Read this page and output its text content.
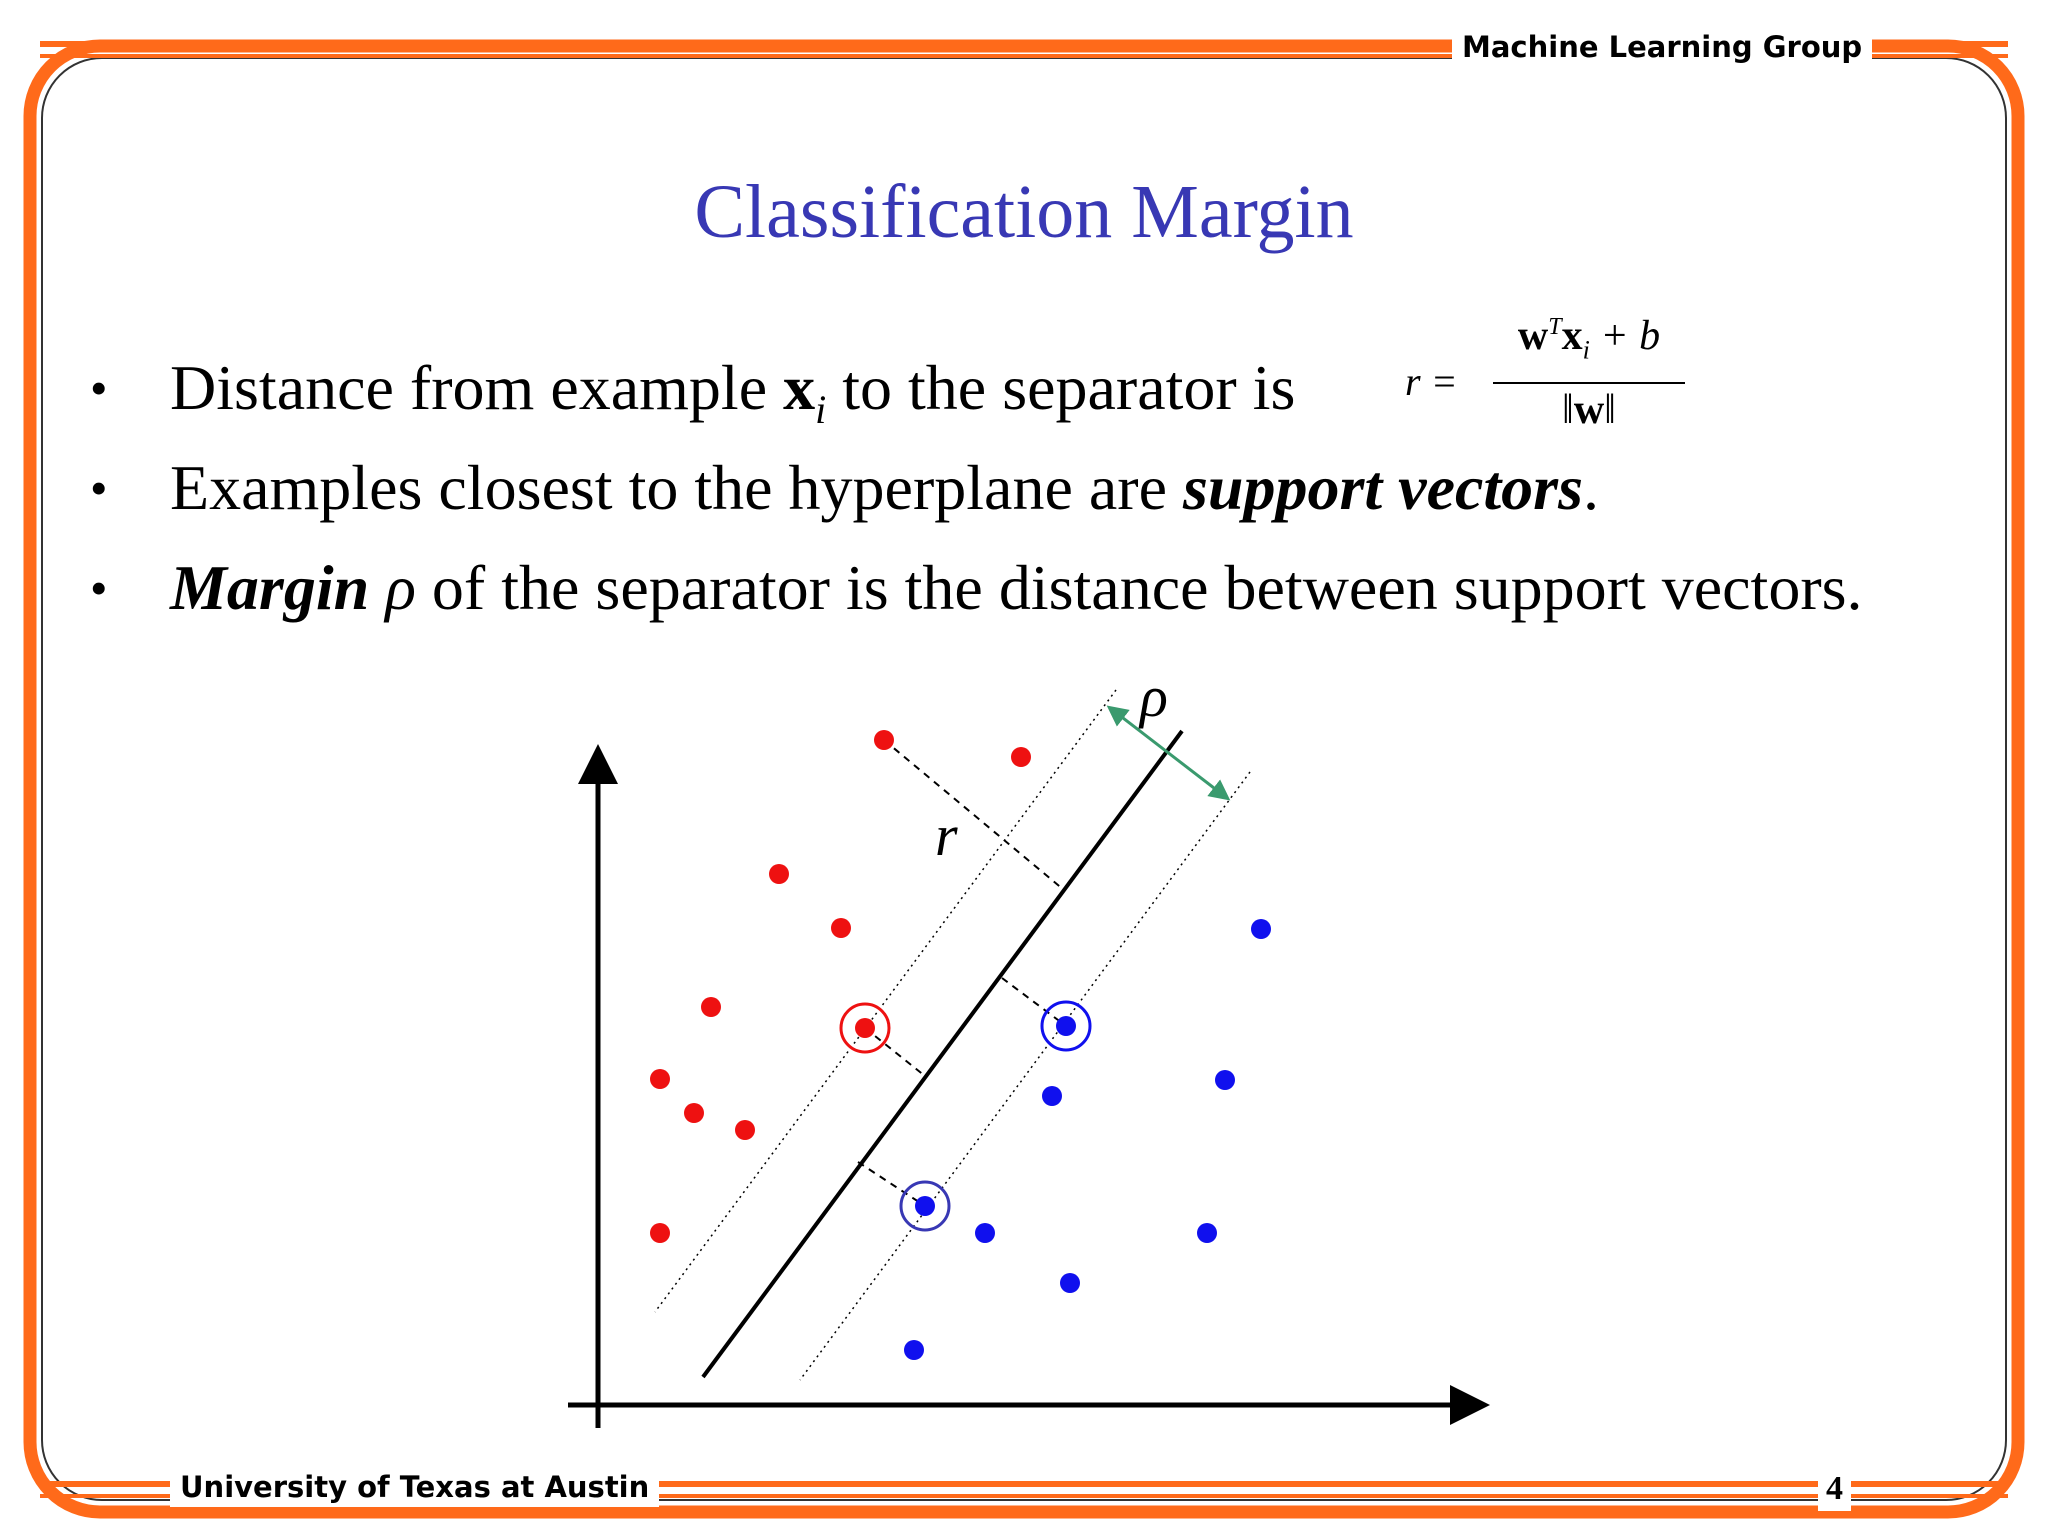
Machine Learning Group
University of Texas at Austin	4
Classification Margin
• Distance from example $x_i$ to the separator is	r =
$w^Tx_i + b$
‖w‖
• Examples closest to the hyperplane are support vectors.
• Margin ρ of the separator is the distance between support vectors.
ρ
r
